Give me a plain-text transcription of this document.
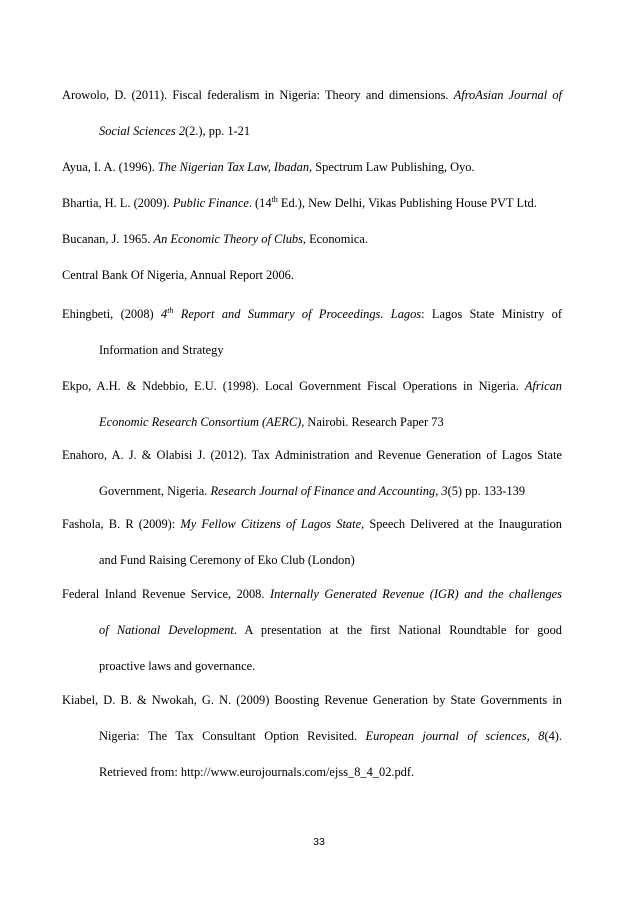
Arowolo, D. (2011). Fiscal federalism in Nigeria: Theory and dimensions. AfroAsian Journal of
Social Sciences 2(2.), pp. 1-21
Ayua, I. A. (1996). The Nigerian Tax Law, Ibadan, Spectrum Law Publishing, Oyo.
Bhartia, H. L. (2009). Public Finance. (14th Ed.), New Delhi, Vikas Publishing House PVT Ltd.
Bucanan, J. 1965. An Economic Theory of Clubs, Economica.
Central Bank Of Nigeria, Annual Report 2006.
Ehingbeti, (2008) 4th Report and Summary of Proceedings. Lagos: Lagos State Ministry of
Information and Strategy
Ekpo, A.H. & Ndebbio, E.U. (1998). Local Government Fiscal Operations in Nigeria. African
Economic Research Consortium (AERC), Nairobi. Research Paper 73
Enahoro, A. J. & Olabisi J. (2012). Tax Administration and Revenue Generation of Lagos State
Government, Nigeria. Research Journal of Finance and Accounting, 3(5) pp. 133-139
Fashola, B. R (2009): My Fellow Citizens of Lagos State, Speech Delivered at the Inauguration
and Fund Raising Ceremony of Eko Club (London)
Federal Inland Revenue Service, 2008. Internally Generated Revenue (IGR) and the challenges
of National Development. A presentation at the first National Roundtable for good
proactive laws and governance.
Kiabel, D. B. & Nwokah, G. N. (2009) Boosting Revenue Generation by State Governments in
Nigeria: The Tax Consultant Option Revisited. European journal of sciences, 8(4).
Retrieved from: http://www.eurojournals.com/ejss_8_4_02.pdf.
33
